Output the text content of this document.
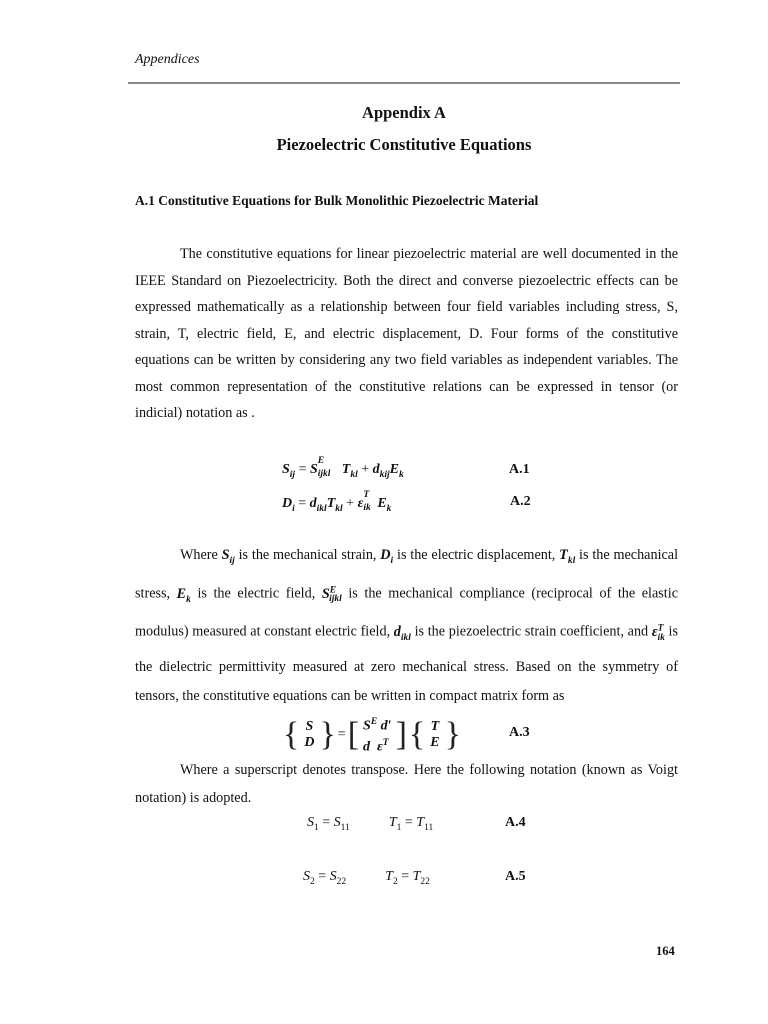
Appendices
Appendix A
Piezoelectric Constitutive Equations
A.1 Constitutive Equations for Bulk Monolithic Piezoelectric Material

The constitutive equations for linear piezoelectric material are well documented in the IEEE Standard on Piezoelectricity. Both the direct and converse piezoelectric effects can be expressed mathematically as a relationship between four field variables including stress, S, strain, T, electric field, E, and electric displacement, D. Four forms of the constitutive equations can be written by considering any two field variables as independent variables. The most common representation of the constitutive relations can be expressed in tensor (or indicial) notation as .

$S_{ij} = S$
E
ijkl $T_{kl} + d_{kij}E_k$	A.1
$D_i = d_{ikl}T_{kl} + \varepsilon$
T
ik $E_k$
A.2

Where $S_{ij}$ is the mechanical strain, $D_i$ is the electric displacement, $T_{kl}$ is the mechanical stress, $E_k$ is the electric field, $S^E_{ijkl}$ is the mechanical compliance (reciprocal of the elastic modulus) measured at constant electric field, $d_{ikl}$ is the piezoelectric strain coefficient, and $\varepsilon^T_{ik}$ is the dielectric permittivity measured at zero mechanical stress. Based on the symmetry of tensors, the constitutive equations can be written in compact matrix form as

{ S
D } = [ $S^E$ d′
d  $\varepsilon^T$ ] { T
E }	A.3

Where a superscript denotes transpose. Here the following notation (known as Voigt notation) is adopted.

$S_1 = S_{11}$	$T_1 = T_{11}$	A.4
$S_2 = S_{22}$	$T_2 = T_{22}$	A.5
164
